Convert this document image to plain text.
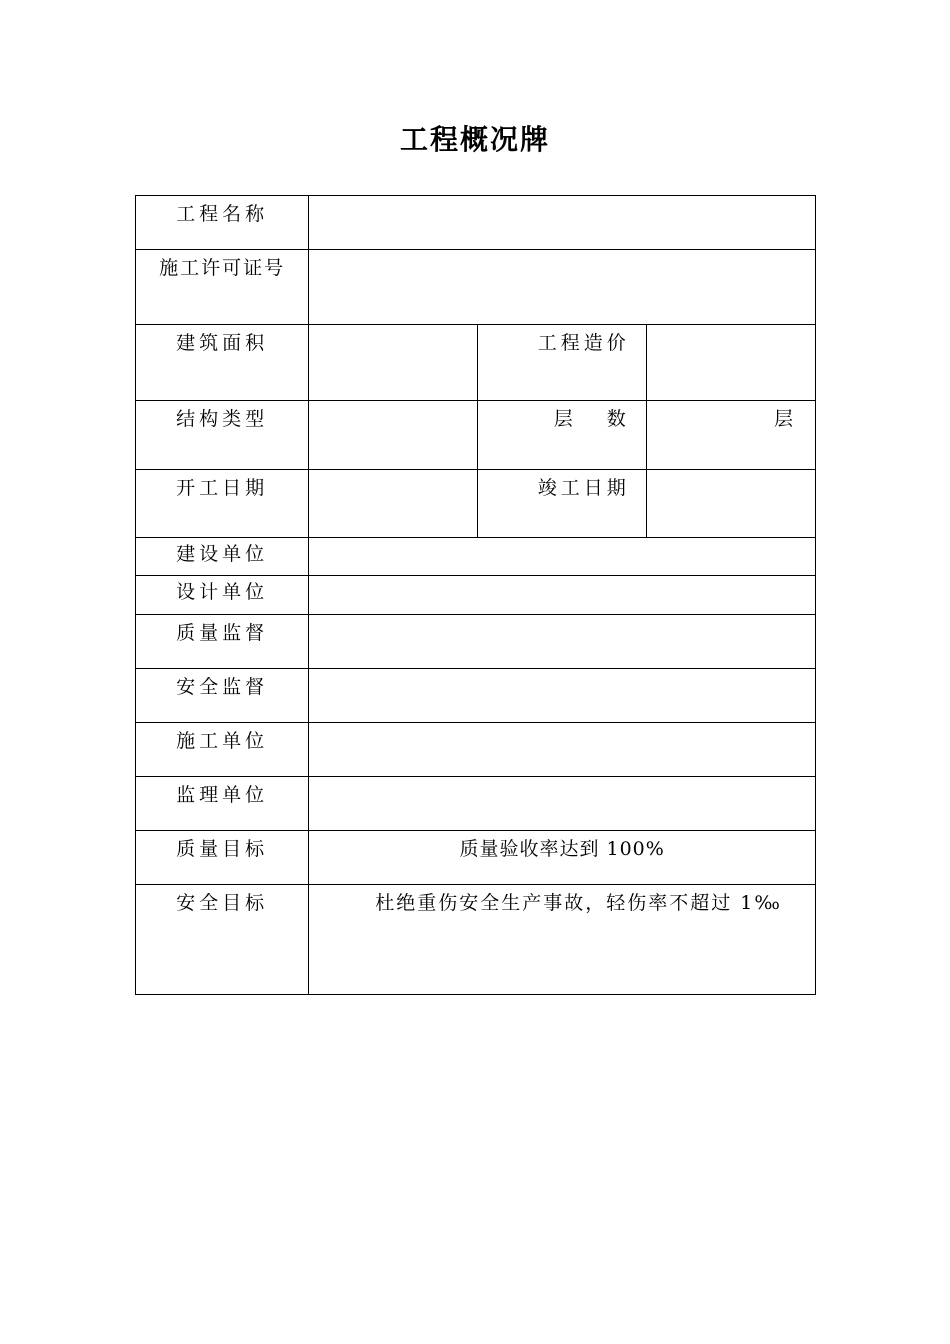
工程概况牌
工程名称			
施工许可证号			
建筑面积		工程造价	
结构类型		层 数	层
开工日期		竣工日期	
建设单位			
设计单位			
质量监督			
安全监督			
施工单位			
监理单位			
质量目标	质量验收率达到 100%		
安全目标	杜绝重伤安全生产事故，轻伤率不超过 1‰		
